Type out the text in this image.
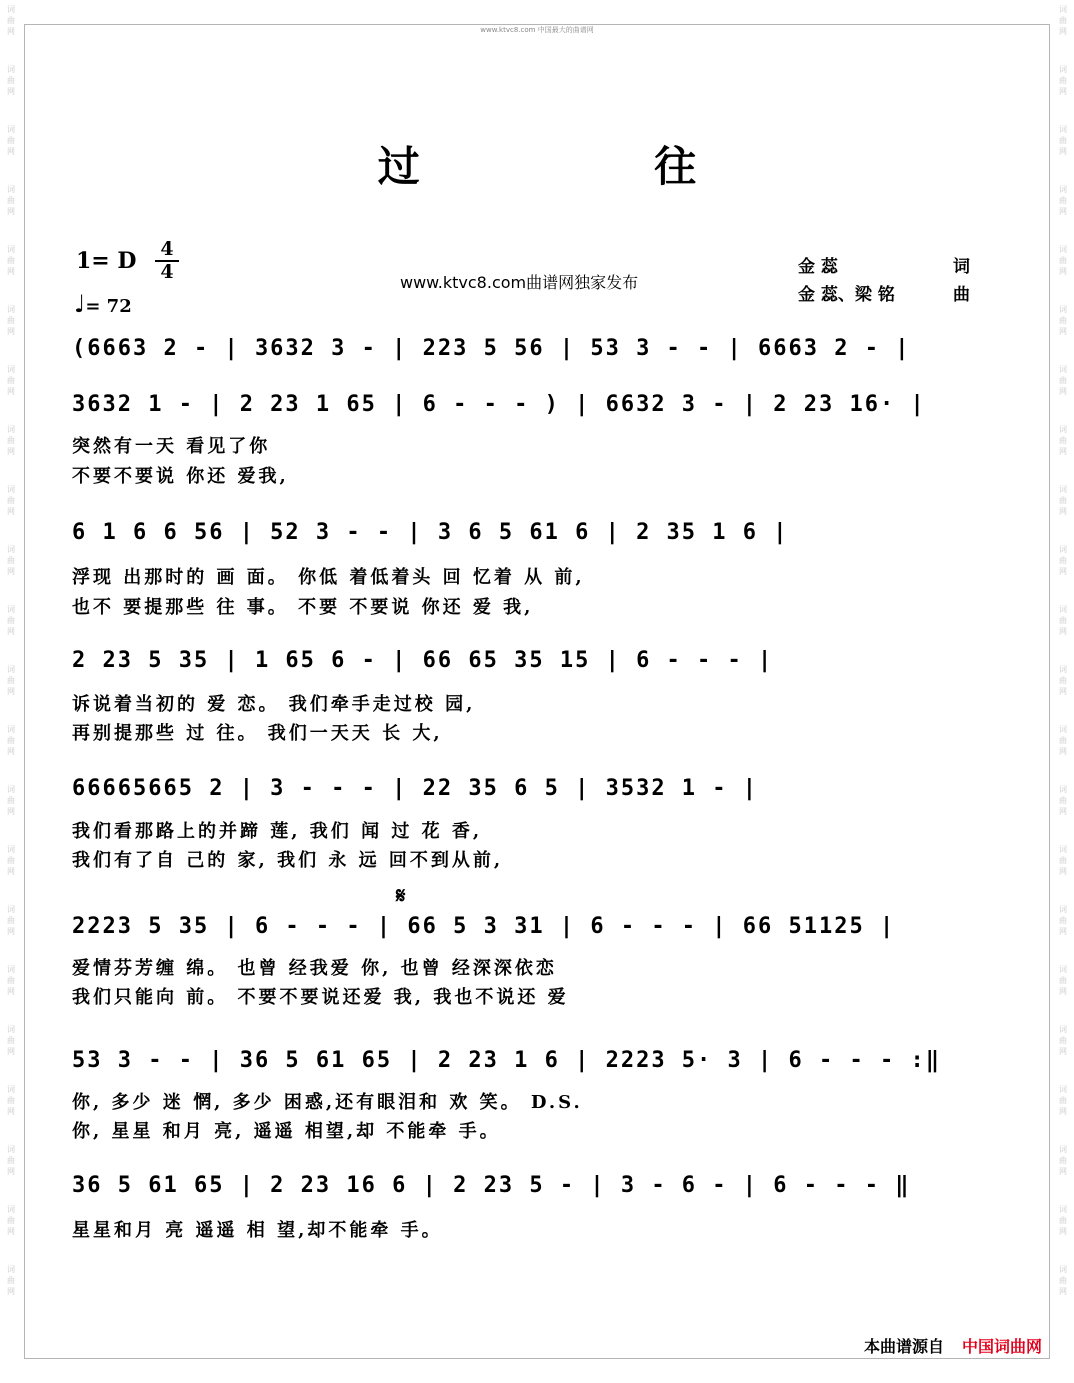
词
曲
网
词
曲
网
词
曲
网
词
曲
网
词
曲
网
词
曲
网
词
曲
网
词
曲
网
词
曲
网
词
曲
网
词
曲
网
词
曲
网
词
曲
网
词
曲
网
词
曲
网
词
曲
网
词
曲
网
词
曲
网
词
曲
网
词
曲
网
词
曲
网
词
曲
网
词
曲
网
词
曲
网
词
曲
网
词
曲
网
词
曲
网
词
曲
网
词
曲
网
词
曲
网
词
曲
网
词
曲
网
词
曲
网
词
曲
网
词
曲
网
词
曲
网
词
曲
网
词
曲
网
词
曲
网
词
曲
网
词
曲
网
词
曲
网
词
曲
网
词
曲
网
www.ktvc8.com 中国最大的曲谱网
过 往
1= D 4
4
♩= 72
www.ktvc8.com曲谱网独家发布
金 蕊	词
金 蕊、梁 铭	曲
𝄋
(6663 2 - | 3632 3 - | 223 5 56 | 53 3 - - | 6663 2 - |
3632 1 - | 2 23 1 65 | 6 - - - ) | 6632 3 - | 2 23 16· |
突然有一天 看见了你
不要不要说 你还 爱我,
6 1 6 6 56 | 52 3 - - | 3 6 5 61 6 | 2 35 1 6 |
浮现 出那时的 画 面。 你低 着低着头 回 忆着 从 前,
也不 要提那些 往 事。 不要 不要说 你还 爱 我,
2 23 5 35 | 1 65 6 - | 66 65 35 15 | 6 - - - |
诉说着当初的 爱 恋。 我们牵手走过校 园,
再别提那些 过 往。 我们一天天 长 大,
66665665 2 | 3 - - - | 22 35 6 5 | 3532 1 - |
我们看那路上的并蹄 莲, 我们 闻 过 花 香,
我们有了自 己的 家, 我们 永 远 回不到从前,
2223 5 35 | 6 - - - | 66 5 3 31 | 6 - - - | 66 51125 |
爱情芬芳缠 绵。 也曾 经我爱 你, 也曾 经深深依恋
我们只能向 前。 不要不要说还爱 我, 我也不说还 爱
53 3 - - | 36 5 61 65 | 2 23 1 6 | 2223 5· 3 | 6 - - - :‖
你, 多少 迷 惘, 多少 困惑,还有眼泪和 欢 笑。 D.S.
你, 星星 和月 亮, 遥遥 相望,却 不能牵 手。
36 5 61 65 | 2 23 16 6 | 2 23 5 - | 3 - 6 - | 6 - - - ‖
星星和月 亮 遥遥 相 望,却不能牵 手。
本曲谱源自 中国词曲网
